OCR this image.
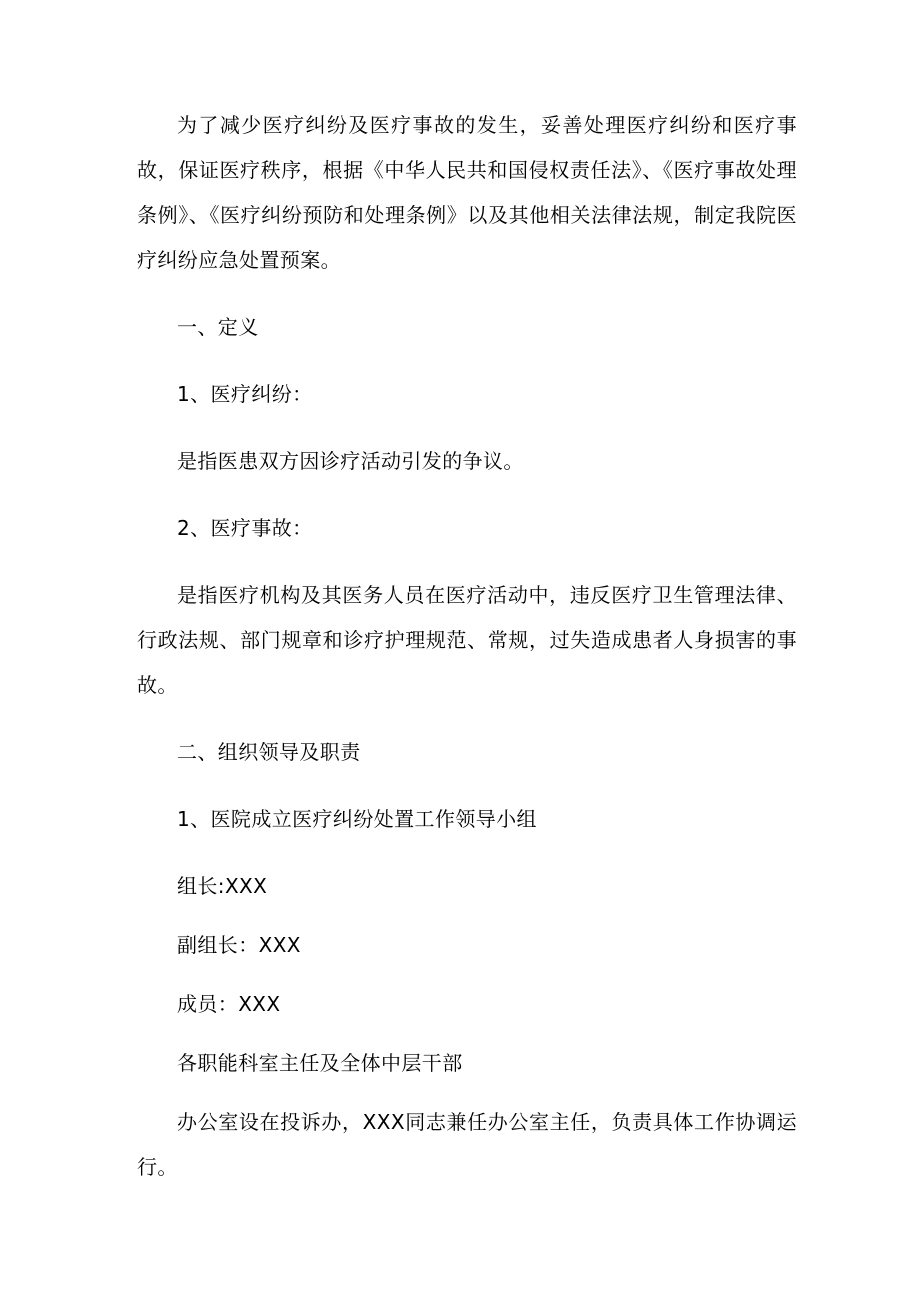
为了减少医疗纠纷及医疗事故的发生，妥善处理医疗纠纷和医疗事故，保证医疗秩序，根据《中华人民共和国侵权责任法》、《医疗事故处理条例》、《医疗纠纷预防和处理条例》以及其他相关法律法规，制定我院医疗纠纷应急处置预案。

一、定义

1、医疗纠纷：

是指医患双方因诊疗活动引发的争议。

2、医疗事故：

是指医疗机构及其医务人员在医疗活动中，违反医疗卫生管理法律、行政法规、部门规章和诊疗护理规范、常规，过失造成患者人身损害的事故。

二、组织领导及职责

1、医院成立医疗纠纷处置工作领导小组

组长:XXX

副组长：XXX

成员：XXX

各职能科室主任及全体中层干部

办公室设在投诉办，XXX同志兼任办公室主任，负责具体工作协调运行。
